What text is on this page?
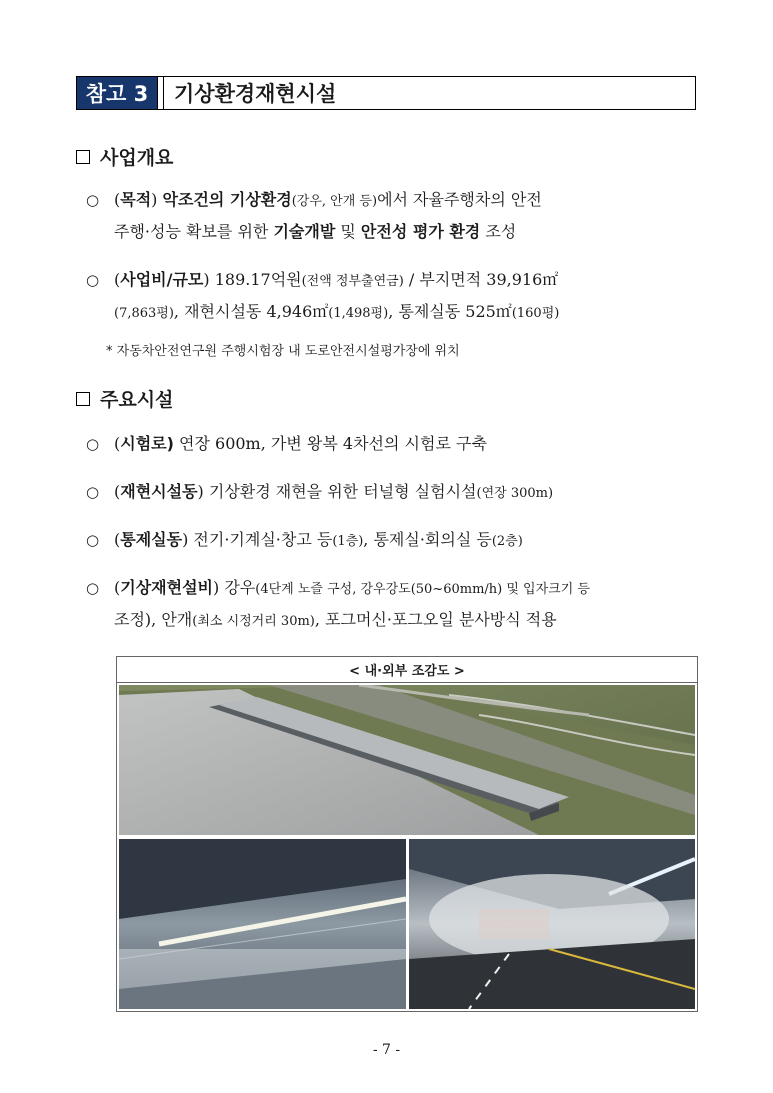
참고 3	기상환경재현시설
사업개요
○ (목적) 악조건의 기상환경(강우, 안개 등)에서 자율주행차의 안전
주행·성능 확보를 위한 기술개발 및 안전성 평가 환경 조성
○ (사업비/규모) 189.17억원(전액 정부출연금) / 부지면적 39,916㎡
(7,863평), 재현시설동 4,946㎡(1,498평), 통제실동 525㎡(160평)
* 자동차안전연구원 주행시험장 내 도로안전시설평가장에 위치
주요시설
○ (시험로) 연장 600m, 가변 왕복 4차선의 시험로 구축
○ (재현시설동) 기상환경 재현을 위한 터널형 실험시설(연장 300m)
○ (통제실동) 전기·기계실·창고 등(1층), 통제실·회의실 등(2층)
○ (기상재현설비) 강우(4단계 노즐 구성, 강우강도(50~60mm/h) 및 입자크기 등
조정), 안개(최소 시정거리 30m), 포그머신·포그오일 분사방식 적용
< 내·외부 조감도 >
- 7 -
